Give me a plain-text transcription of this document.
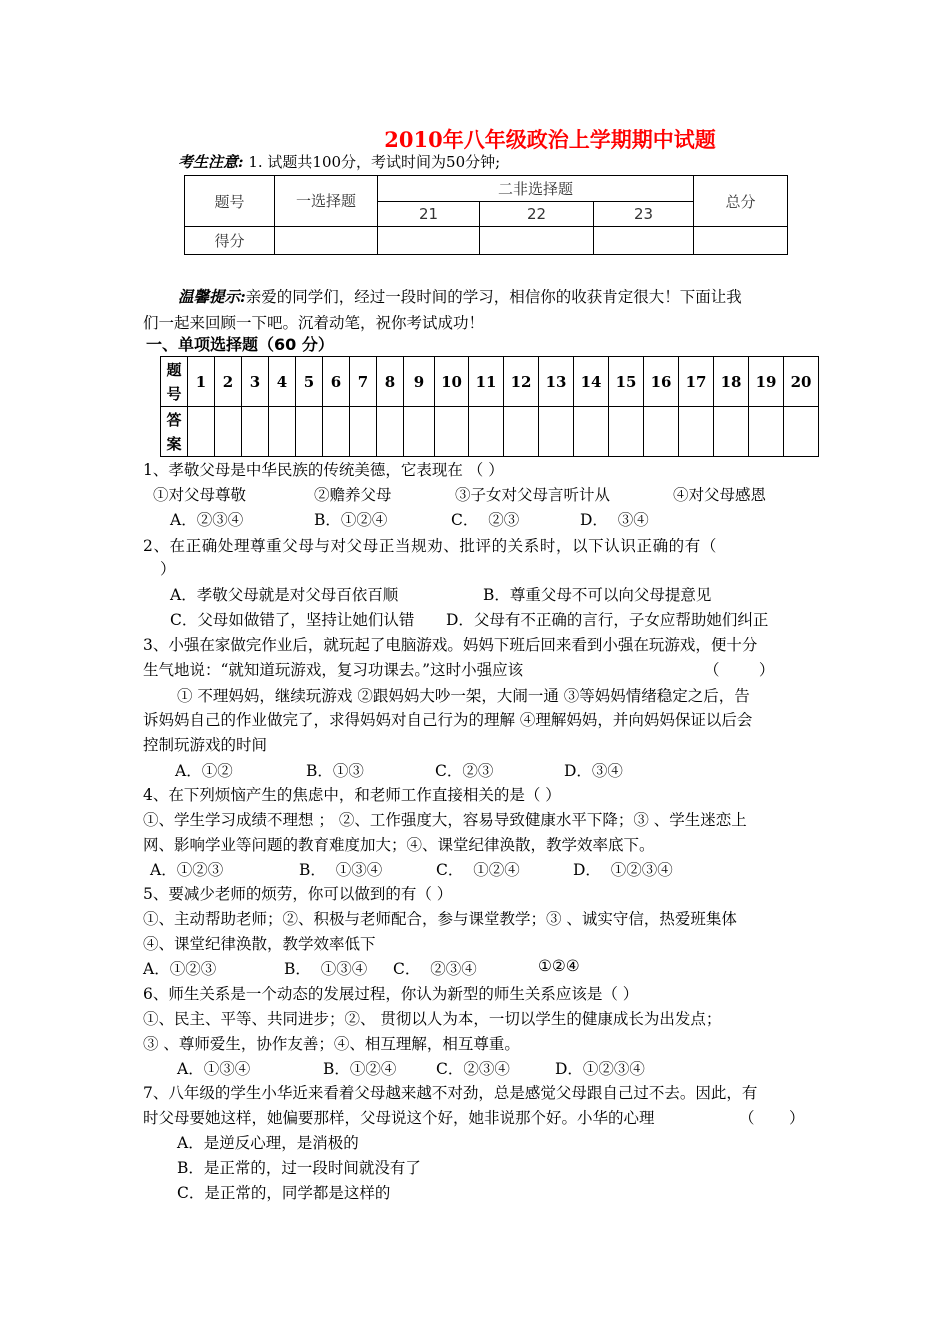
2010年八年级政治上学期期中试题
考生注意: 1. 试题共100分，考试时间为50分钟;
题号	一选择题	二非选择题			总分
		21	22	23	
得分					
温馨提示:亲爱的同学们，经过一段时间的学习，相信你的收获肯定很大！下面让我
们一起来回顾一下吧。沉着动笔，祝你考试成功！
一、单项选择题（60 分）
题
号	1	2	3	4	5	6	7	8	9	10	11	12	13	14	15	16	17	18	19	20

答
案																				

1、孝敬父母是中华民族的传统美德，它表现在 （ ）
①对父母尊敬	②赡养父母	③子女对父母言听计从	④对父母感恩
A．②③④	B．①②④	C．  ②③	D．  ③④
2、在正确处理尊重父母与对父母正当规劝、批评的关系时，以下认识正确的有（
）
A．孝敬父母就是对父母百依百顺	B．尊重父母不可以向父母提意见
C．父母如做错了，坚持让她们认错 D．父母有不正确的言行，子女应帮助她们纠正
3、小强在家做完作业后，就玩起了电脑游戏。妈妈下班后回来看到小强在玩游戏，便十分
生气地说：“就知道玩游戏，复习功课去。”这时小强应该	（        ）
① 不理妈妈，继续玩游戏 ②跟妈妈大吵一架，大闹一通 ③等妈妈情绪稳定之后，告
诉妈妈自己的作业做完了，求得妈妈对自己行为的理解 ④理解妈妈，并向妈妈保证以后会
控制玩游戏的时间
A．①②	B．①③	C．②③	D．③④
4、在下列烦恼产生的焦虑中，和老师工作直接相关的是（ ）
①、学生学习成绩不理想 ； ②、工作强度大，容易导致健康水平下降；③ 、学生迷恋上
网、影响学业等问题的教育难度加大；④、课堂纪律涣散，教学效率底下。
A．①②③	B．  ①③④	C．  ①②④	D．  ①②③④
5、要减少老师的烦劳，你可以做到的有（ ）
①、主动帮助老师；②、积极与老师配合，参与课堂教学；③ 、诚实守信，热爱班集体
④、课堂纪律涣散，教学效率低下
A．①②③	B．  ①③④ C．  ②③④	①②④
6、师生关系是一个动态的发展过程，你认为新型的师生关系应该是（ ）
①、民主、平等、共同进步；②、 贯彻以人为本，一切以学生的健康成长为出发点；
③ 、尊师爱生，协作友善；④、相互理解，相互尊重。
A．①③④	B．①②④	C．②③④	D．①②③④
7、八年级的学生小华近来看着父母越来越不对劲，总是感觉父母跟自己过不去。因此，有
时父母要她这样，她偏要那样，父母说这个好，她非说那个好。小华的心理	（       ）
A．是逆反心理，是消极的
B．是正常的，过一段时间就没有了
C．是正常的，同学都是这样的
